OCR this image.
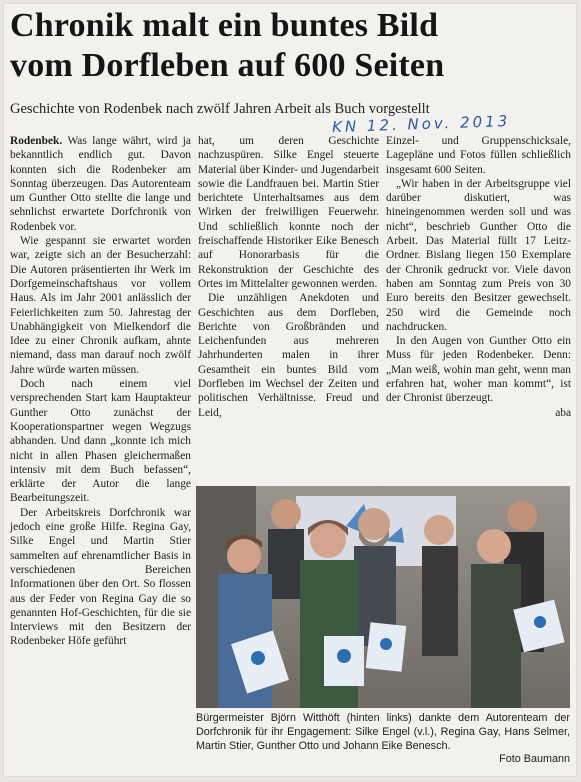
Chronik malt ein buntes Bild
vom Dorfleben auf 600 Seiten
Geschichte von Rodenbek nach zwölf Jahren Arbeit als Buch vorgestellt
KN 12. Nov. 2013

Rodenbek. Was lange währt, wird ja bekanntlich endlich gut. Davon konnten sich die Rodenbeker am Sonntag überzeugen. Das Autorenteam um Gunther Otto stellte die lange und sehnlichst erwartete Dorfchronik von Rodenbek vor.

Wie gespannt sie erwartet worden war, zeigte sich an der Besucherzahl: Die Autoren präsentierten ihr Werk im Dorfgemeinschaftshaus vor vollem Haus. Als im Jahr 2001 anlässlich der Feierlichkeiten zum 50. Jahrestag der Unabhängigkeit von Mielkendorf die Idee zu einer Chronik aufkam, ahnte niemand, dass man darauf noch zwölf Jahre würde warten müssen.

Doch nach einem viel versprechenden Start kam Hauptakteur Gunther Otto zunächst der Kooperationspartner wegen Wegzugs abhanden. Und dann „konnte ich mich nicht in allen Phasen gleichermaßen intensiv mit dem Buch befassen“, erklärte der Autor die lange Bearbeitungszeit.

Der Arbeitskreis Dorfchronik war jedoch eine große Hilfe. Regina Gay, Silke Engel und Martin Stier sammelten auf ehrenamtlicher Basis in verschiedenen Bereichen Informationen über den Ort. So flossen aus der Feder von Regina Gay die so genannten Hof-Geschichten, für die sie Interviews mit den Besitzern der Rodenbeker Höfe geführt

hat, um deren Geschichte nachzuspüren. Silke Engel steuerte Material über Kinder- und Jugendarbeit sowie die Landfrauen bei. Martin Stier berichtete Unterhaltsames aus dem Wirken der freiwilligen Feuerwehr. Und schließlich konnte noch der freischaffende Historiker Eike Benesch auf Honorarbasis für die Rekonstruktion der Geschichte des Ortes im Mittelalter gewonnen werden.

Die unzähligen Anekdoten und Geschichten aus dem Dorfleben, Berichte von Großbränden und Leichenfunden aus mehreren Jahrhunderten malen in ihrer Gesamtheit ein buntes Bild vom Dorfleben im Wechsel der Zeiten und politischen Verhältnisse. Freud und Leid,

Einzel- und Gruppenschicksale, Lagepläne und Fotos füllen schließlich insgesamt 600 Seiten.

„Wir haben in der Arbeitsgruppe viel darüber diskutiert, was hineingenommen werden soll und was nicht“, beschrieb Gunther Otto die Arbeit. Das Material füllt 17 Leitz-Ordner. Bislang liegen 150 Exemplare der Chronik gedruckt vor. Viele davon haben am Sonntag zum Preis von 30 Euro bereits den Besitzer gewechselt. 250 wird die Gemeinde noch nachdrucken.

In den Augen von Gunther Otto ein Muss für jeden Rodenbeker. Denn: „Man weiß, wohin man geht, wenn man erfahren hat, woher man kommt“, ist der Chronist überzeugt.

aba
Bürgermeister Björn Witthöft (hinten links) dankte dem Autorenteam der Dorfchronik für ihr Engagement: Silke Engel (v.l.), Regina Gay, Hans Selmer, Martin Stier, Gunther Otto und Johann Eike Benesch.
Foto Baumann
